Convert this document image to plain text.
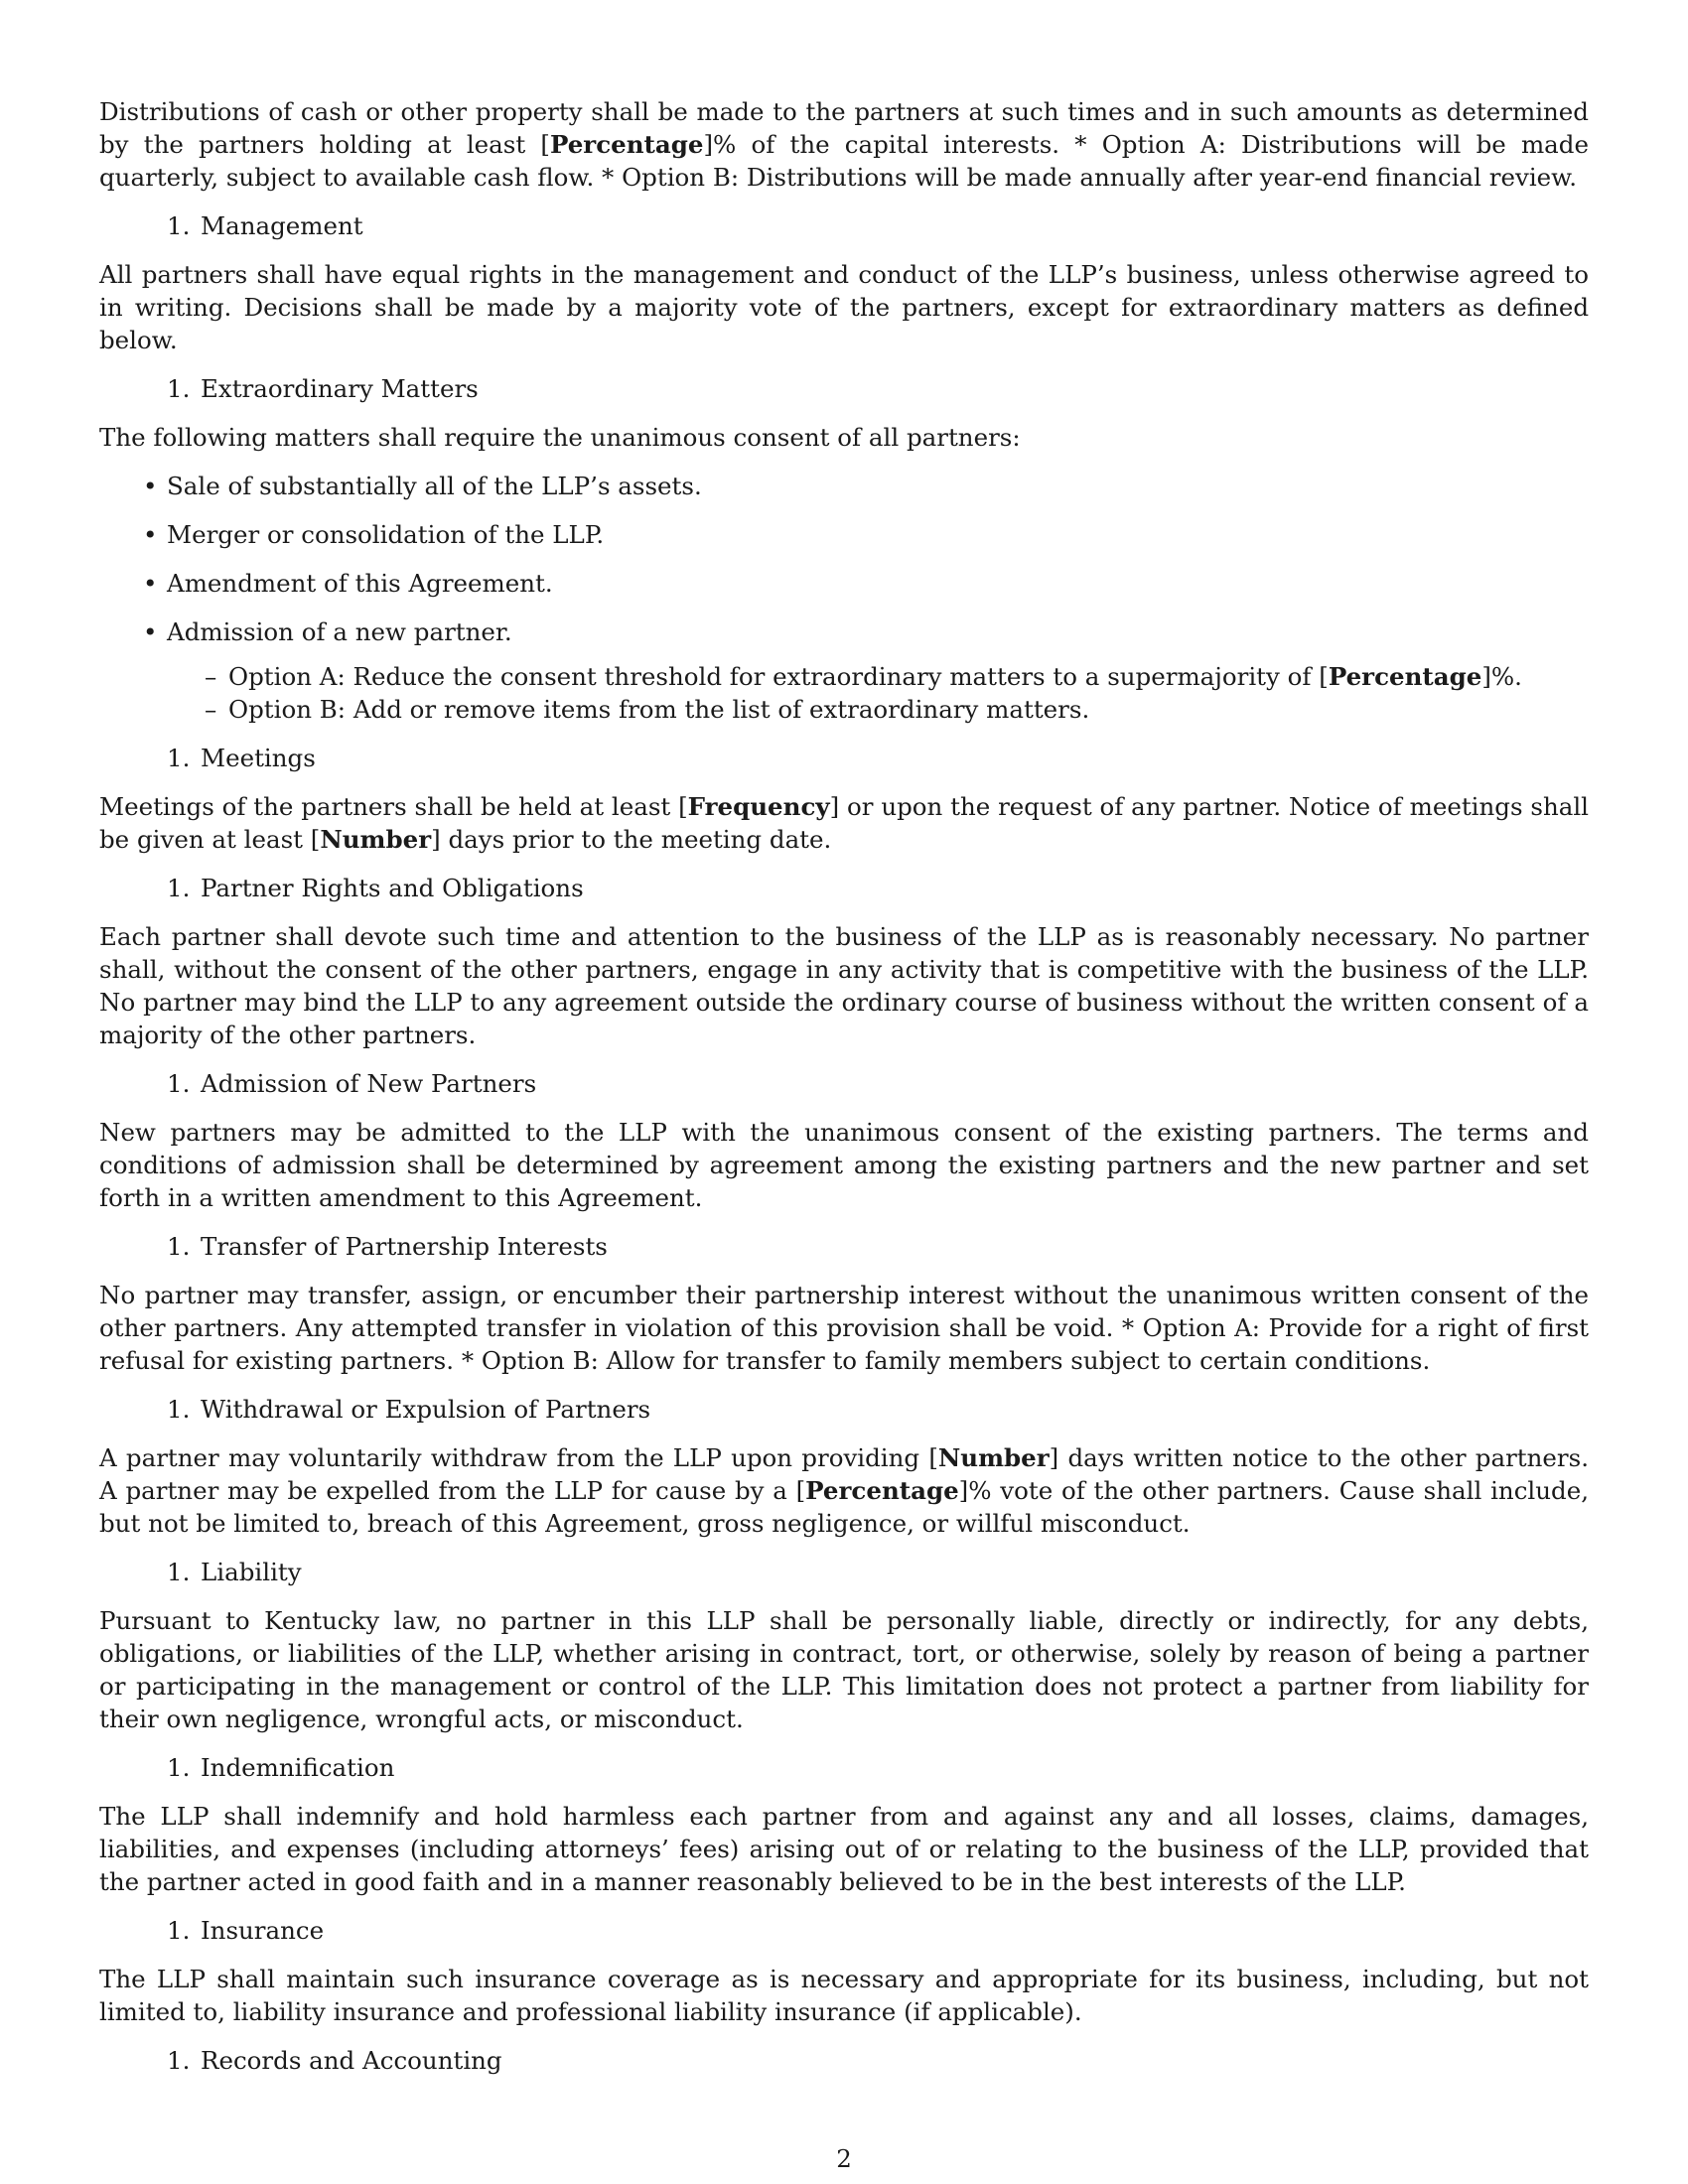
Distributions of cash or other property shall be made to the partners at such times and in such amounts as determined by the partners holding at least [Percentage]% of the capital interests. * Option A: Distributions will be made quarterly, subject to available cash flow. * Option B: Distributions will be made annually after year-end financial review.

1. Management

All partners shall have equal rights in the management and conduct of the LLP’s business, unless otherwise agreed to in writing. Decisions shall be made by a majority vote of the partners, except for extraordinary matters as defined below.

1. Extraordinary Matters

The following matters shall require the unanimous consent of all partners:

• Sale of substantially all of the LLP’s assets.
• Merger or consolidation of the LLP.
• Amendment of this Agreement.
• Admission of a new partner.
– Option A: Reduce the consent threshold for extraordinary matters to a supermajority of [Percentage]%.
– Option B: Add or remove items from the list of extraordinary matters.
1. Meetings

Meetings of the partners shall be held at least [Frequency] or upon the request of any partner. Notice of meetings shall be given at least [Number] days prior to the meeting date.

1. Partner Rights and Obligations

Each partner shall devote such time and attention to the business of the LLP as is reasonably necessary. No partner shall, without the consent of the other partners, engage in any activity that is competitive with the business of the LLP. No partner may bind the LLP to any agreement outside the ordinary course of business without the written consent of a majority of the other partners.

1. Admission of New Partners

New partners may be admitted to the LLP with the unanimous consent of the existing partners. The terms and conditions of admission shall be determined by agreement among the existing partners and the new partner and set forth in a written amendment to this Agreement.

1. Transfer of Partnership Interests

No partner may transfer, assign, or encumber their partnership interest without the unanimous written consent of the other partners. Any attempted transfer in violation of this provision shall be void. * Option A: Provide for a right of first refusal for existing partners. * Option B: Allow for transfer to family members subject to certain conditions.

1. Withdrawal or Expulsion of Partners

A partner may voluntarily withdraw from the LLP upon providing [Number] days written notice to the other partners. A partner may be expelled from the LLP for cause by a [Percentage]% vote of the other partners. Cause shall include, but not be limited to, breach of this Agreement, gross negligence, or willful misconduct.

1. Liability

Pursuant to Kentucky law, no partner in this LLP shall be personally liable, directly or indirectly, for any debts, obligations, or liabilities of the LLP, whether arising in contract, tort, or otherwise, solely by reason of being a partner or participating in the management or control of the LLP. This limitation does not protect a partner from liability for their own negligence, wrongful acts, or misconduct.

1. Indemnification

The LLP shall indemnify and hold harmless each partner from and against any and all losses, claims, damages, liabilities, and expenses (including attorneys’ fees) arising out of or relating to the business of the LLP, provided that the partner acted in good faith and in a manner reasonably believed to be in the best interests of the LLP.

1. Insurance

The LLP shall maintain such insurance coverage as is necessary and appropriate for its business, including, but not limited to, liability insurance and professional liability insurance (if applicable).

1. Records and Accounting
2
